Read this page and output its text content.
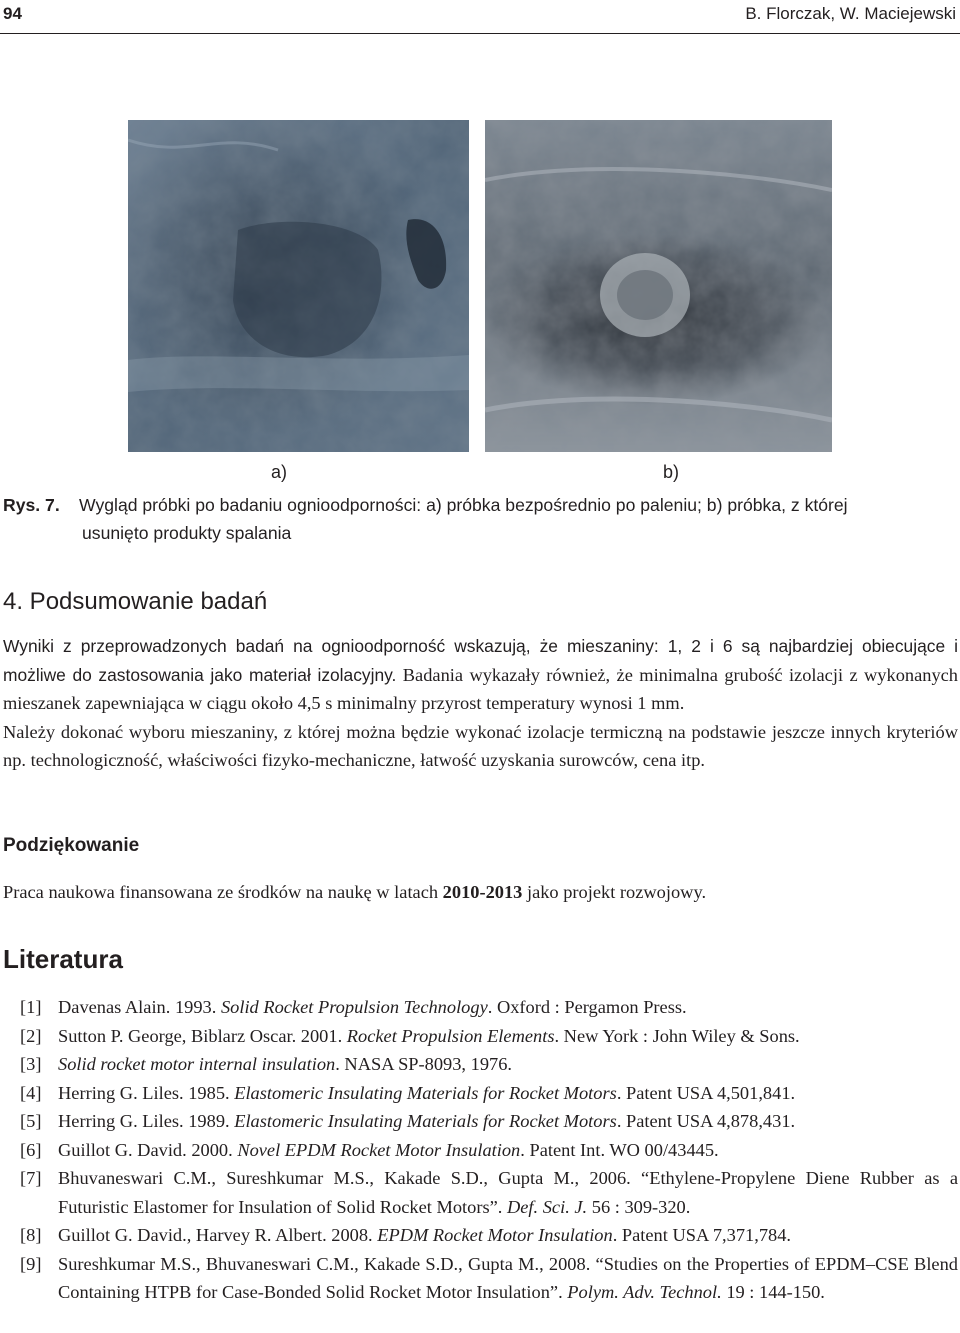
94	B. Florczak, W. Maciejewski
a)	b)
Rys. 7. Wygląd próbki po badaniu ognioodporności: a) próbka bezpośrednio po paleniu; b) próbka, z której
usunięto produkty spalania
4. Podsumowanie badań
Wyniki z przeprowadzonych badań na ognioodporność wskazują, że mieszaniny: 1, 2 i 6 są najbardziej obiecujące i możliwe do zastosowania jako materiał izolacyjny. Badania wykazały również, że minimalna grubość izolacji z wykonanych mieszanek zapewniająca w ciągu około 4,5 s minimalny przyrost temperatury wynosi 1 mm.
Należy dokonać wyboru mieszaniny, z której można będzie wykonać izolacje termiczną na podstawie jeszcze innych kryteriów np. technologiczność, właściwości fizyko-mechaniczne, łatwość uzyskania surowców, cena itp.
Podziękowanie
Praca naukowa finansowana ze środków na naukę w latach 2010-2013 jako projekt rozwojowy.
Literatura
[1] Davenas Alain. 1993. Solid Rocket Propulsion Technology. Oxford : Pergamon Press.
[2] Sutton P. George, Biblarz Oscar. 2001. Rocket Propulsion Elements. New York : John Wiley & Sons.
[3] Solid rocket motor internal insulation. NASA SP-8093, 1976.
[4] Herring G. Liles. 1985. Elastomeric Insulating Materials for Rocket Motors. Patent USA 4,501,841.
[5] Herring G. Liles. 1989. Elastomeric Insulating Materials for Rocket Motors. Patent USA 4,878,431.
[6] Guillot G. David. 2000. Novel EPDM Rocket Motor Insulation. Patent Int. WO 00/43445.
[7] Bhuvaneswari C.M., Sureshkumar M.S., Kakade S.D., Gupta M., 2006. “Ethylene-Propylene Diene Rubber as a Futuristic Elastomer for Insulation of Solid Rocket Motors”. Def. Sci. J. 56 : 309-320.
[8] Guillot G. David., Harvey R. Albert. 2008. EPDM Rocket Motor Insulation. Patent USA 7,371,784.
[9] Sureshkumar M.S., Bhuvaneswari C.M., Kakade S.D., Gupta M., 2008. “Studies on the Properties of EPDM–CSE Blend Containing HTPB for Case-Bonded Solid Rocket Motor Insulation”. Polym. Adv. Technol. 19 : 144-150.
